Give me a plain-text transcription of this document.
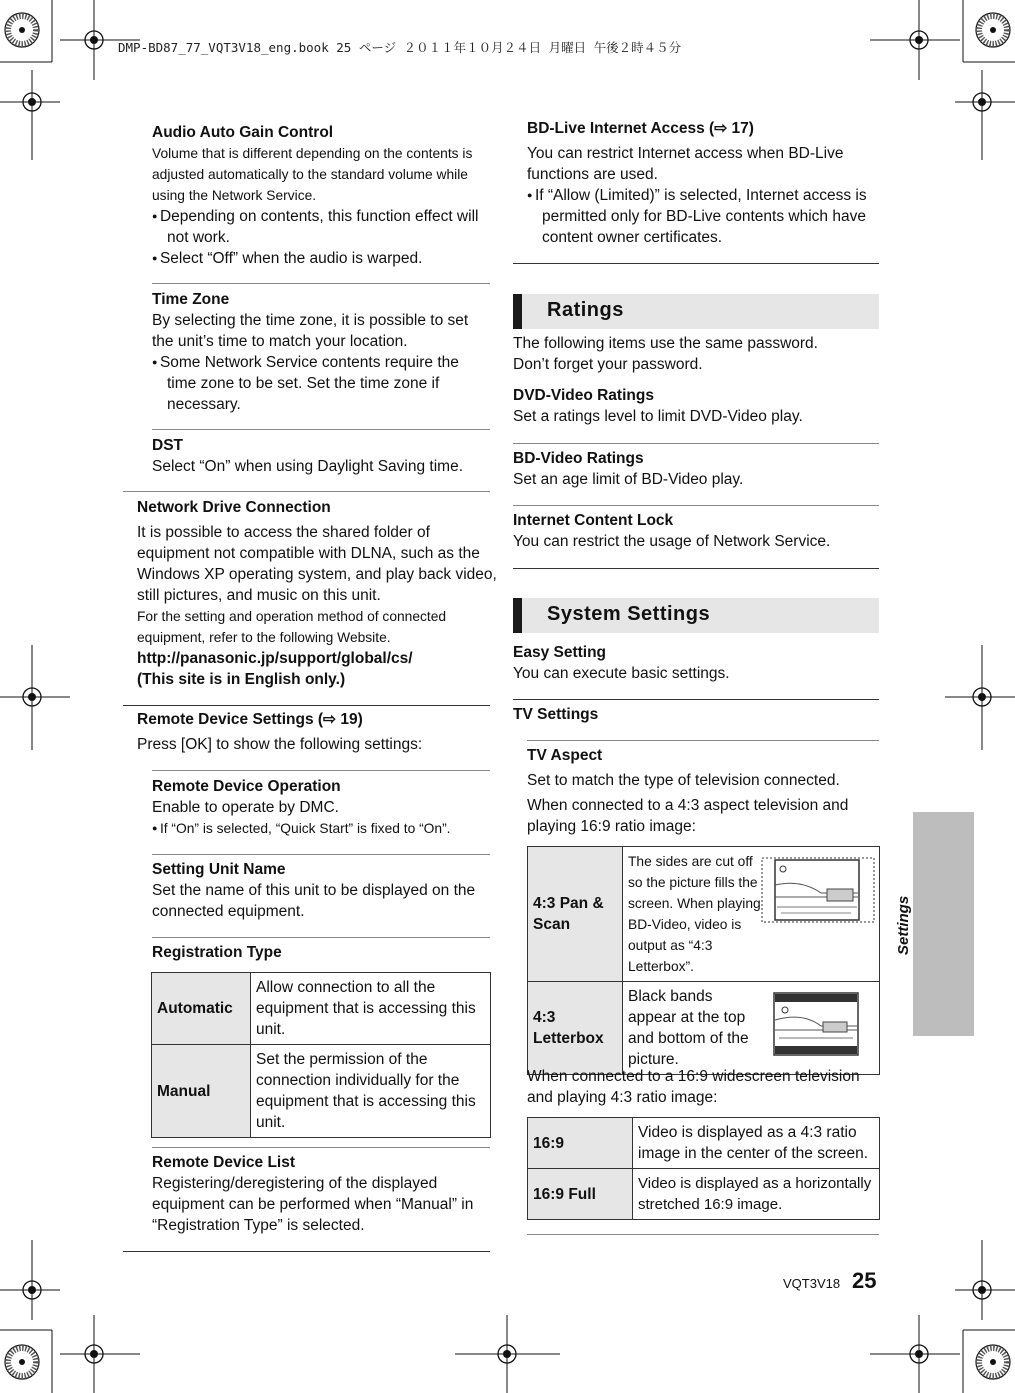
DMP-BD87_77_VQT3V18_eng.book 25 ページ ２０１１年１０月２４日 月曜日 午後２時４５分

Audio Auto Gain Control

Volume that is different depending on the contents is adjusted automatically to the standard volume while using the Network Service.

● Depending on contents, this function effect will not work.

● Select “Off” when the audio is warped.

Time Zone

By selecting the time zone, it is possible to set the unit’s time to match your location.

● Some Network Service contents require the time zone to be set. Set the time zone if necessary.

DST

Select “On” when using Daylight Saving time.

Network Drive Connection

It is possible to access the shared folder of equipment not compatible with DLNA, such as the Windows XP operating system, and play back video, still pictures, and music on this unit.

For the setting and operation method of connected equipment, refer to the following Website.

http://panasonic.jp/support/global/cs/

(This site is in English only.)

Remote Device Settings (⇨ 19)

Press [OK] to show the following settings:

Remote Device Operation

Enable to operate by DMC.

● If “On” is selected, “Quick Start” is fixed to “On”.

Setting Unit Name

Set the name of this unit to be displayed on the connected equipment.

Registration Type

Automatic	Allow connection to all the equipment that is accessing this unit.
Manual	Set the permission of the connection individually for the equipment that is accessing this unit.

Remote Device List

Registering/deregistering of the displayed equipment can be performed when “Manual” in “Registration Type” is selected.

BD-Live Internet Access (⇨ 17)

You can restrict Internet access when BD-Live functions are used.

● If “Allow (Limited)” is selected, Internet access is permitted only for BD-Live contents which have content owner certificates.

Ratings

The following items use the same password.

Don’t forget your password.

DVD-Video Ratings

Set a ratings level to limit DVD-Video play.

BD-Video Ratings

Set an age limit of BD-Video play.

Internet Content Lock

You can restrict the usage of Network Service.

System Settings

Easy Setting

You can execute basic settings.

TV Settings

TV Aspect

Set to match the type of television connected.

When connected to a 4:3 aspect television and playing 16:9 ratio image:

4:3 Pan & Scan	The sides are cut off so the picture fills the screen. When playing BD-Video, video is output as “4:3 Letterbox”.

4:3 Letterbox	Black bands appear at the top and bottom of the picture.

When connected to a 16:9 widescreen television and playing 4:3 ratio image:

16:9	Video is displayed as a 4:3 ratio image in the center of the screen.
16:9 Full	Video is displayed as a horizontally stretched 16:9 image.
Settings
VQT3V18 25
